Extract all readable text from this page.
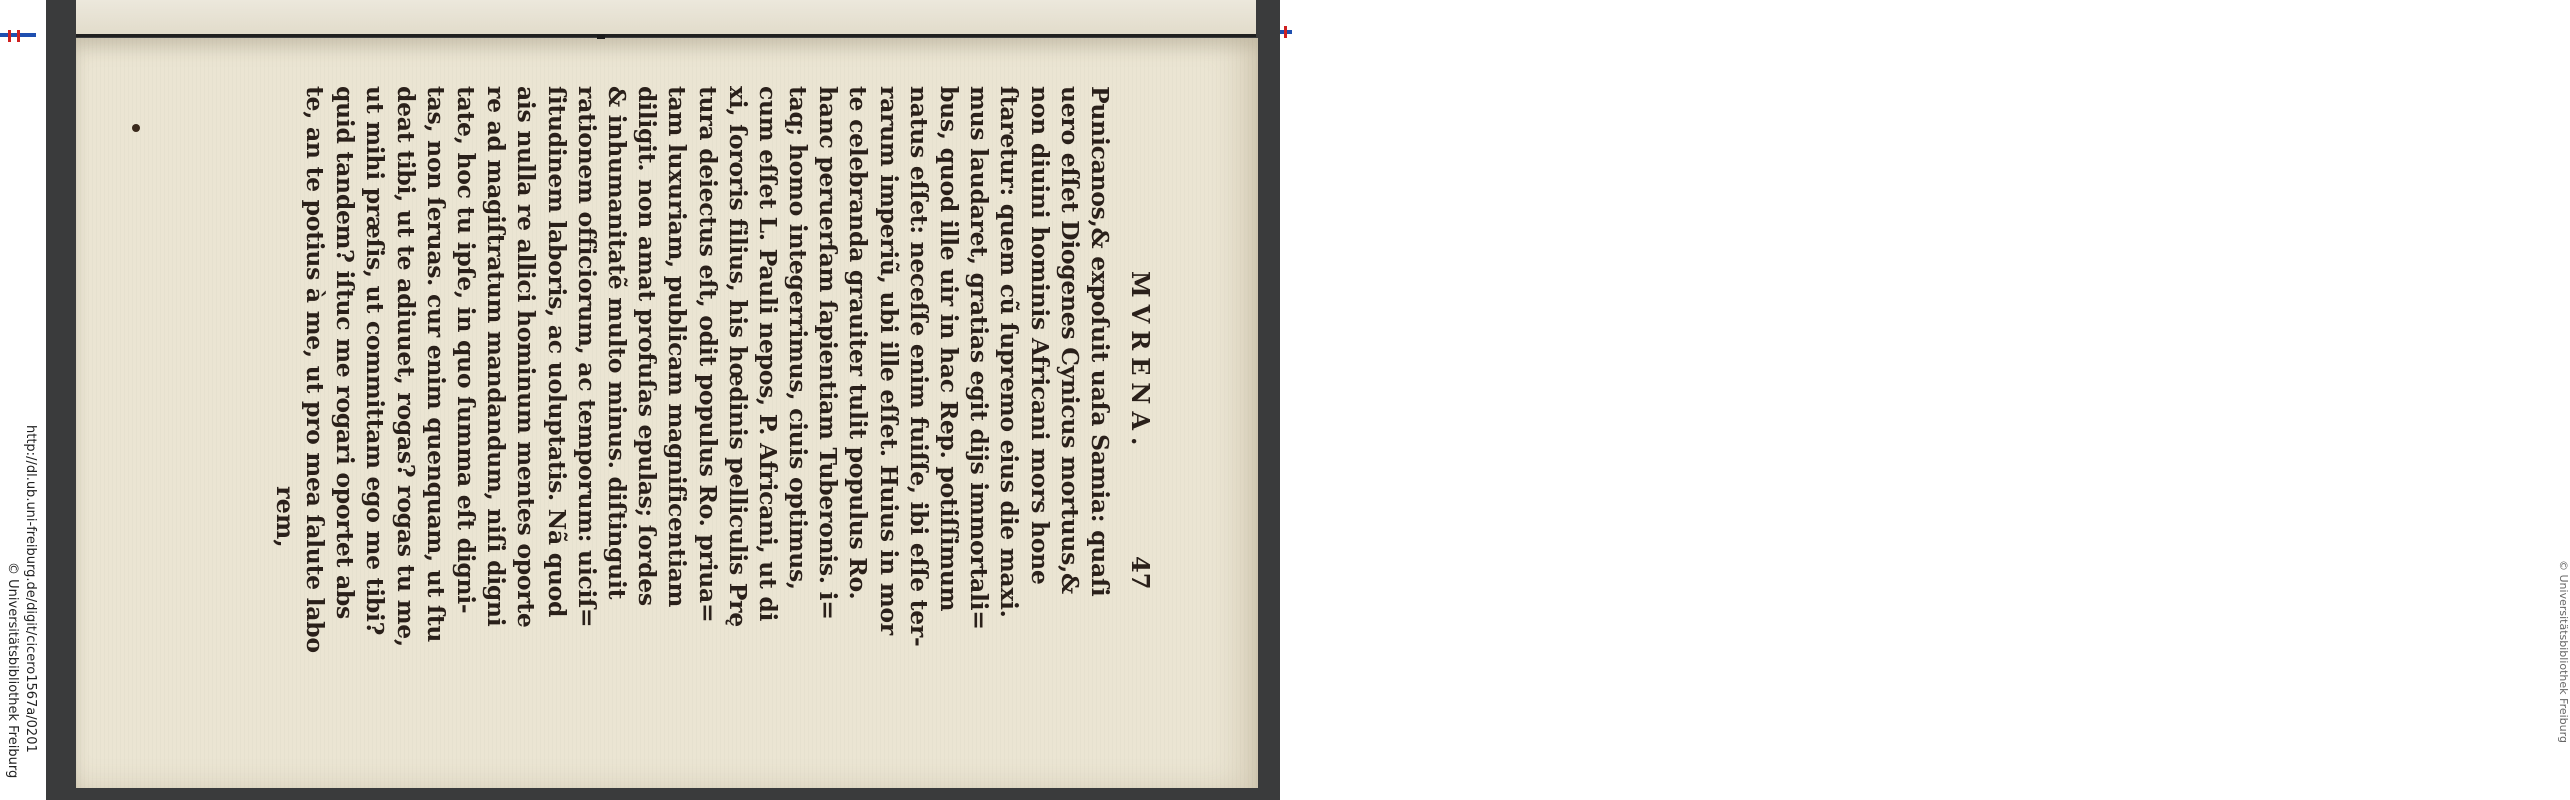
http://dl.ub.uni-freiburg.de/digit/cicero1567a/0201
© Universitätsbibliothek Freiburg	© Universitätsbibliothek Freiburg
MVRENA.
47
Punicanos,& expoſuit uaſa Samia: quaſi
uero eſſet Diogenes Cynicus mortuus,&
non diuini hominis Africani mors hone
ſtaretur: quem cũ ſupremo eius die maxi.
mus laudaret, gratias egit dijs immortali=
bus, quod ille uir in hac Rep. potiſſimum
natus eſſet: neceſſe enim fuiſſe, ibi eſſe ter-
rarum imperiũ, ubi ille eſſet. Huius in mor
te celebranda grauiter tulit populus Ro.
hanc peruerſam ſapientiam Tuberonis. i=
taq; homo integerrimus, ciuis optimus,
cum eſſet L. Pauli nepos, P. Africani, ut di
xi, ſororis filius, his hœdinis pelliculis Prę
tura deiectus eſt, odit populus Ro. priua=
tam luxuriam, publicam magnificentiam
diligit. non amat profuſas epulas; ſordes
& inhumanitatẽ multo minus. diſtinguit
rationem officiorum, ac temporum: uiciſ=
ſitudinem laboris, ac uoluptatis. Nã quod
ais nulla re allici hominum mentes oporte
re ad magiſtratum mandandum, niſi digni
tate, hoc tu ipſe, in quo ſumma eſt digni-
tas, non ſeruas. cur enim quenquam, ut ſtu
deat tibi, ut te adiuuet, rogas? rogas tu me,
ut mihi præſis, ut committam ego me tibi?
quid tandem? iſtuc me rogari oportet abs
te, an te potius à me, ut pro mea ſalute labo
rem,
